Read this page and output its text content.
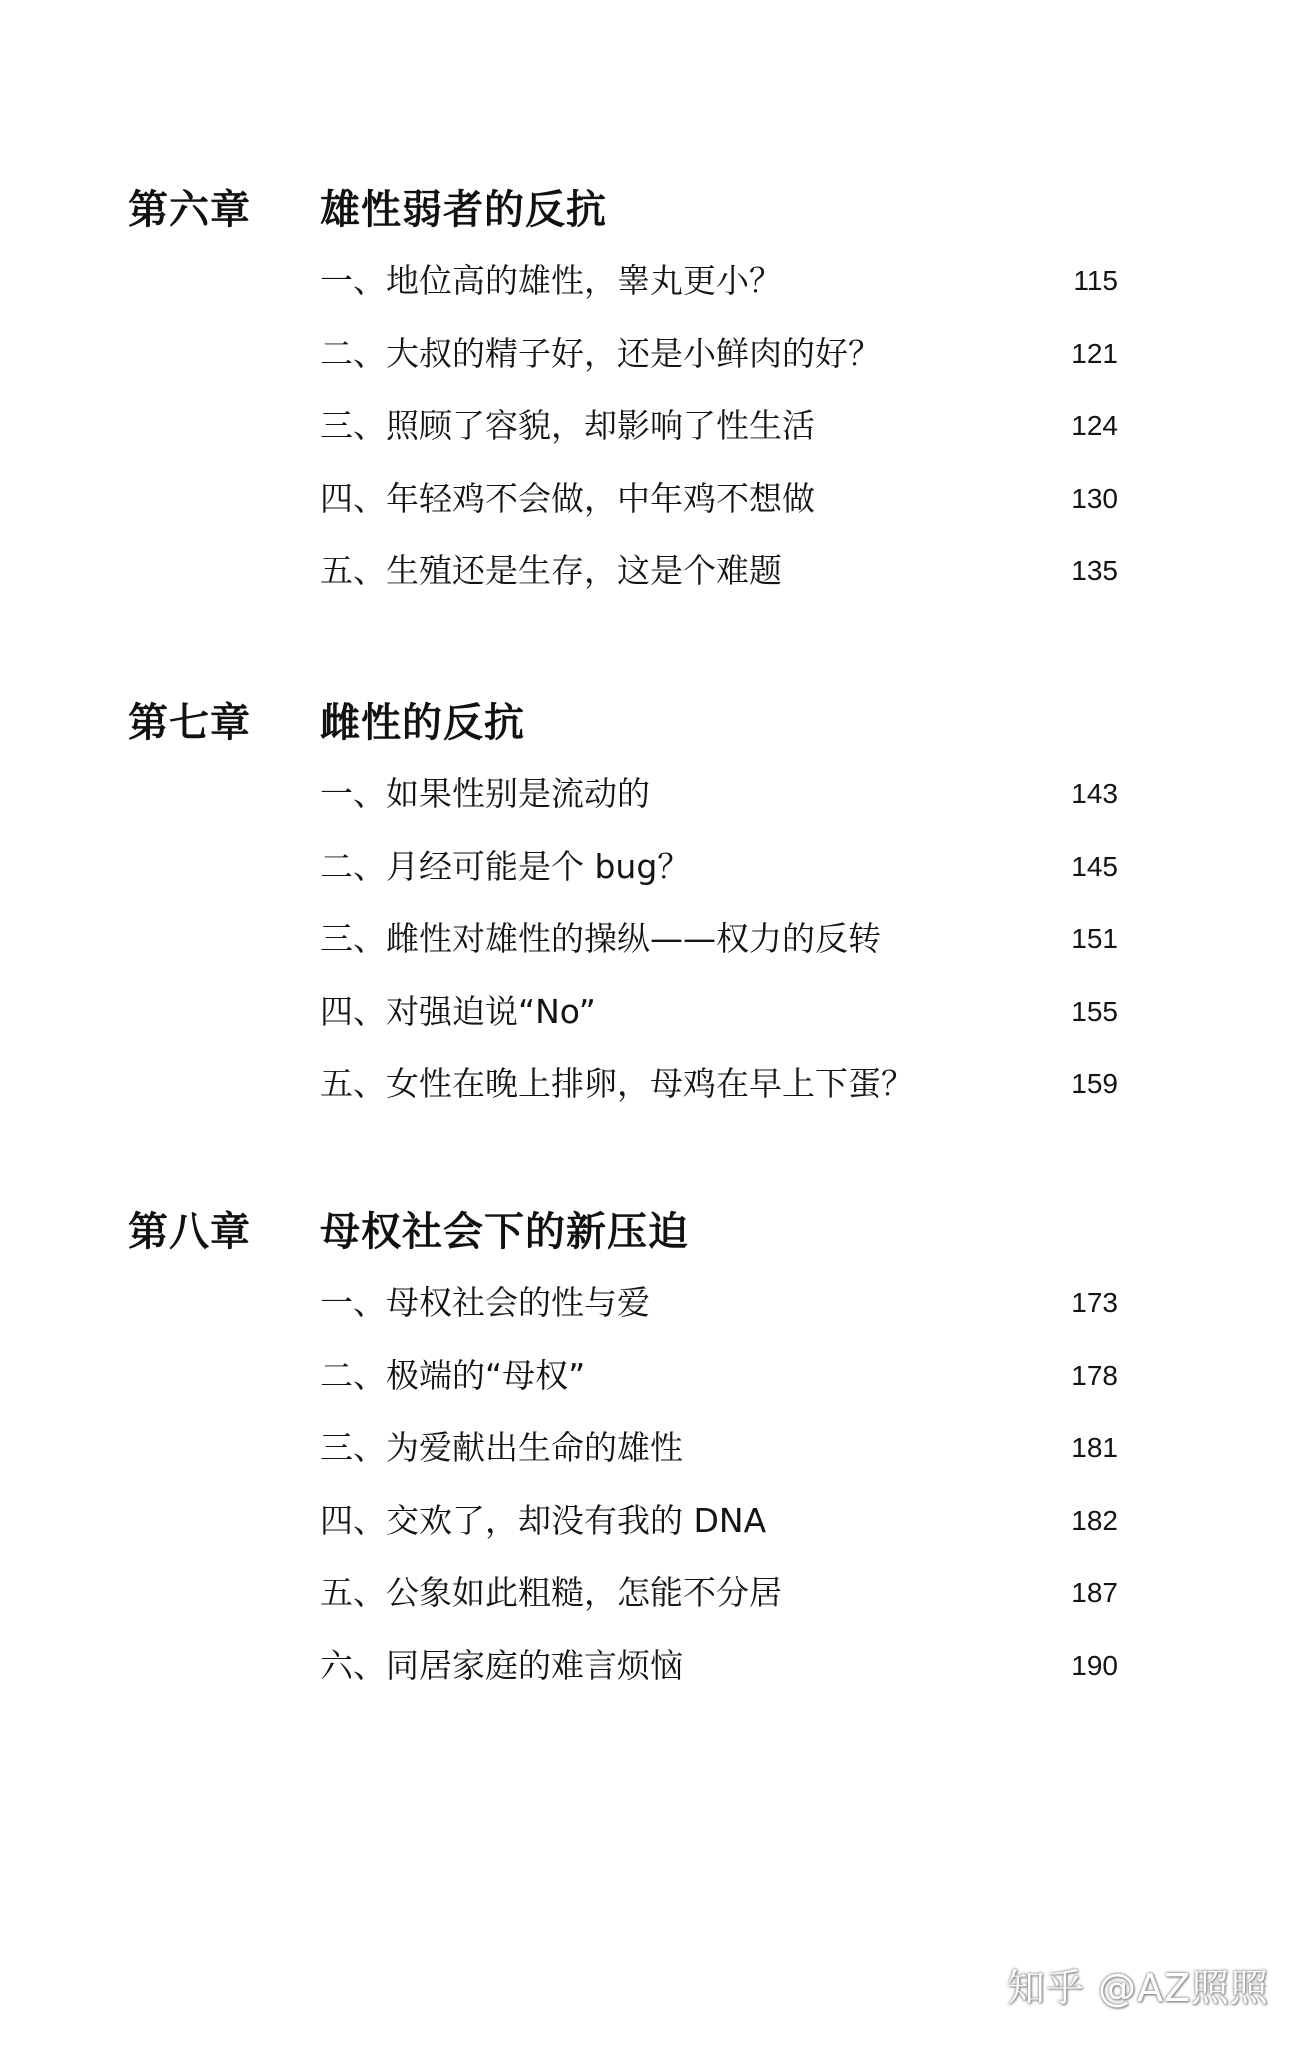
第六章 雄性弱者的反抗
一、地位高的雄性，睾丸更小？	115
二、大叔的精子好，还是小鲜肉的好？	121
三、照顾了容貌，却影响了性生活	124
四、年轻鸡不会做，中年鸡不想做	130
五、生殖还是生存，这是个难题	135
第七章 雌性的反抗
一、如果性别是流动的	143
二、月经可能是个 bug？	145
三、雌性对雄性的操纵——权力的反转	151
四、对强迫说“No”	155
五、女性在晚上排卵，母鸡在早上下蛋？	159
第八章 母权社会下的新压迫
一、母权社会的性与爱	173
二、极端的“母权”	178
三、为爱献出生命的雄性	181
四、交欢了，却没有我的 DNA	182
五、公象如此粗糙，怎能不分居	187
六、同居家庭的难言烦恼	190
知乎 @AZ照照
